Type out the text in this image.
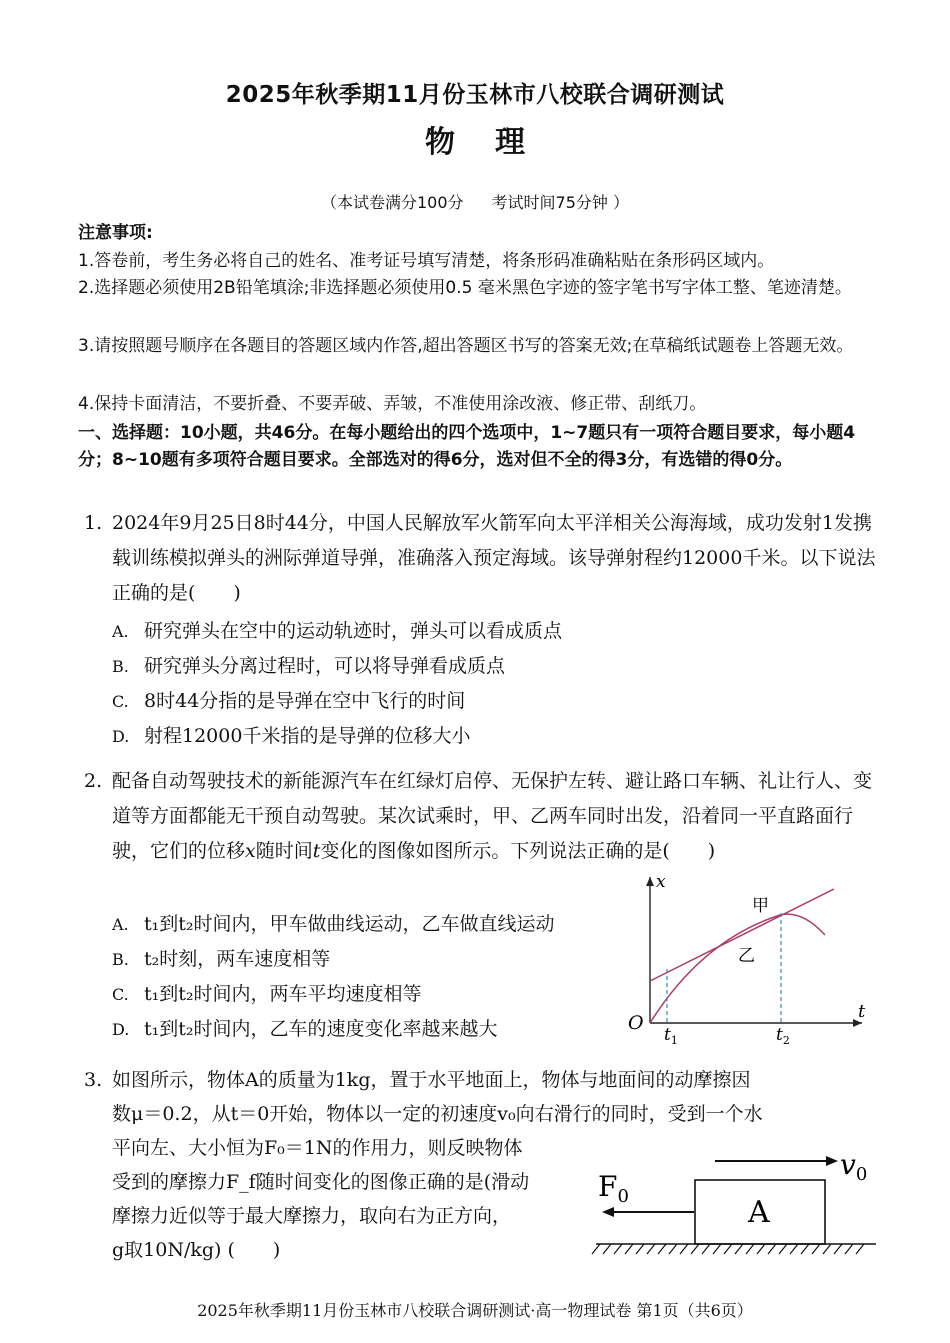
2025年秋季期11月份玉林市八校联合调研测试
物 理
（本试卷满分100分 考试时间75分钟 ）
注意事项:
1.答卷前，考生务必将自己的姓名、准考证号填写清楚，将条形码准确粘贴在条形码区域内。
2.选择题必须使用2B铅笔填涂;非选择题必须使用0.5 毫米黑色字迹的签字笔书写字体工整、笔迹清楚。
3.请按照题号顺序在各题目的答题区域内作答,超出答题区书写的答案无效;在草稿纸试题卷上答题无效。
4.保持卡面清洁，不要折叠、不要弄破、弄皱，不准使用涂改液、修正带、刮纸刀。
一、选择题：10小题，共46分。在每小题给出的四个选项中，1~7题只有一项符合题目要求，每小题4分；8~10题有多项符合题目要求。全部选对的得6分，选对但不全的得3分，有选错的得0分。
1. 2024年9月25日8时44分，中国人民解放军火箭军向太平洋相关公海海域，成功发射1发携载训练模拟弹头的洲际弹道导弹，准确落入预定海域。该导弹射程约12000千米。以下说法正确的是(　　)
A. 研究弹头在空中的运动轨迹时，弹头可以看成质点
B. 研究弹头分离过程时，可以将导弹看成质点
C. 8时44分指的是导弹在空中飞行的时间
D. 射程12000千米指的是导弹的位移大小
2. 配备自动驾驶技术的新能源汽车在红绿灯启停、无保护左转、避让路口车辆、礼让行人、变道等方面都能无干预自动驾驶。某次试乘时，甲、乙两车同时出发，沿着同一平直路面行驶，它们的位移x随时间t变化的图像如图所示。下列说法正确的是(　　)
A. t₁到t₂时间内，甲车做曲线运动，乙车做直线运动
B. t₂时刻，两车速度相等
C. t₁到t₂时间内，两车平均速度相等
D. t₁到t₂时间内，乙车的速度变化率越来越大
x
t
O
甲
乙
$t_1$	$t_2$
3. 如图所示，物体A的质量为1kg，置于水平地面上，物体与地面间的动摩擦因
数μ＝0.2，从t＝0开始，物体以一定的初速度v₀向右滑行的同时，受到一个水
平向左、大小恒为F₀＝1N的作用力，则反映物体
受到的摩擦力F_f随时间变化的图像正确的是(滑动
摩擦力近似等于最大摩擦力，取向右为正方向，
g取10N/kg) (　　)
$v_0$
$F_0$	A
2025年秋季期11月份玉林市八校联合调研测试·高一物理试卷 第1页（共6页）
